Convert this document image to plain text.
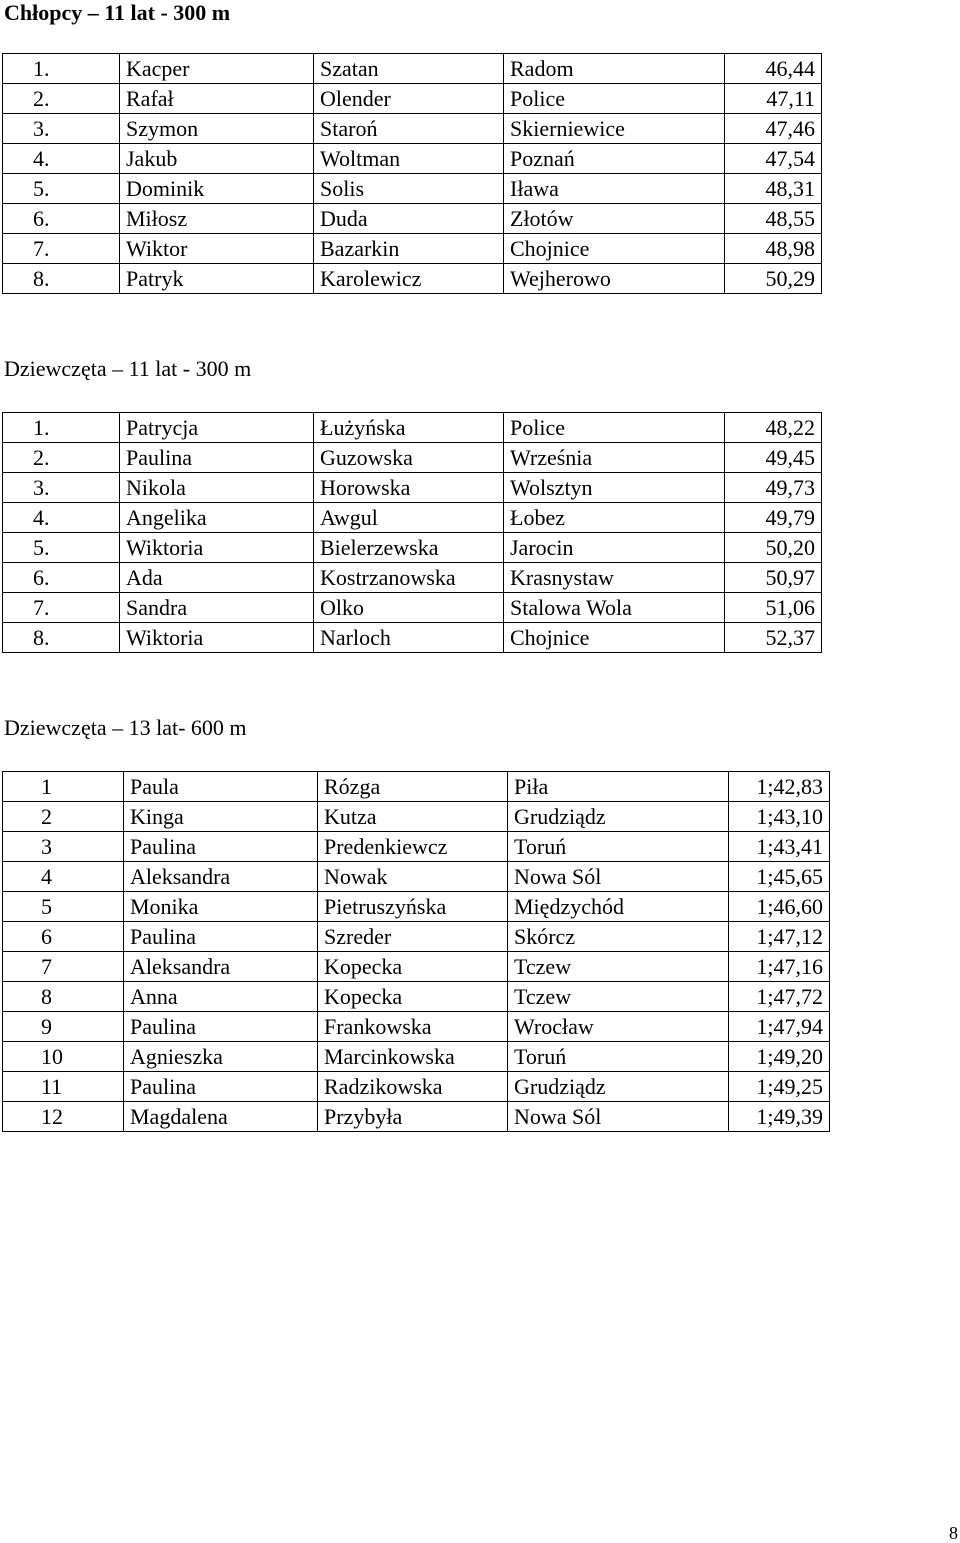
Chłopcy – 11 lat - 300 m
1.	Kacper	Szatan	Radom	46,44
2.	Rafał	Olender	Police	47,11
3.	Szymon	Staroń	Skierniewice	47,46
4.	Jakub	Woltman	Poznań	47,54
5.	Dominik	Solis	Iława	48,31
6.	Miłosz	Duda	Złotów	48,55
7.	Wiktor	Bazarkin	Chojnice	48,98
8.	Patryk	Karolewicz	Wejherowo	50,29
Dziewczęta – 11 lat - 300 m
1.	Patrycja	Łużyńska	Police	48,22
2.	Paulina	Guzowska	Września	49,45
3.	Nikola	Horowska	Wolsztyn	49,73
4.	Angelika	Awgul	Łobez	49,79
5.	Wiktoria	Bielerzewska	Jarocin	50,20
6.	Ada	Kostrzanowska	Krasnystaw	50,97
7.	Sandra	Olko	Stalowa Wola	51,06
8.	Wiktoria	Narloch	Chojnice	52,37
Dziewczęta – 13 lat- 600 m
1	Paula	Rózga	Piła	1;42,83
2	Kinga	Kutza	Grudziądz	1;43,10
3	Paulina	Predenkiewcz	Toruń	1;43,41
4	Aleksandra	Nowak	Nowa Sól	1;45,65
5	Monika	Pietruszyńska	Międzychód	1;46,60
6	Paulina	Szreder	Skórcz	1;47,12
7	Aleksandra	Kopecka	Tczew	1;47,16
8	Anna	Kopecka	Tczew	1;47,72
9	Paulina	Frankowska	Wrocław	1;47,94
10	Agnieszka	Marcinkowska	Toruń	1;49,20
11	Paulina	Radzikowska	Grudziądz	1;49,25
12	Magdalena	Przybyła	Nowa Sól	1;49,39
8
